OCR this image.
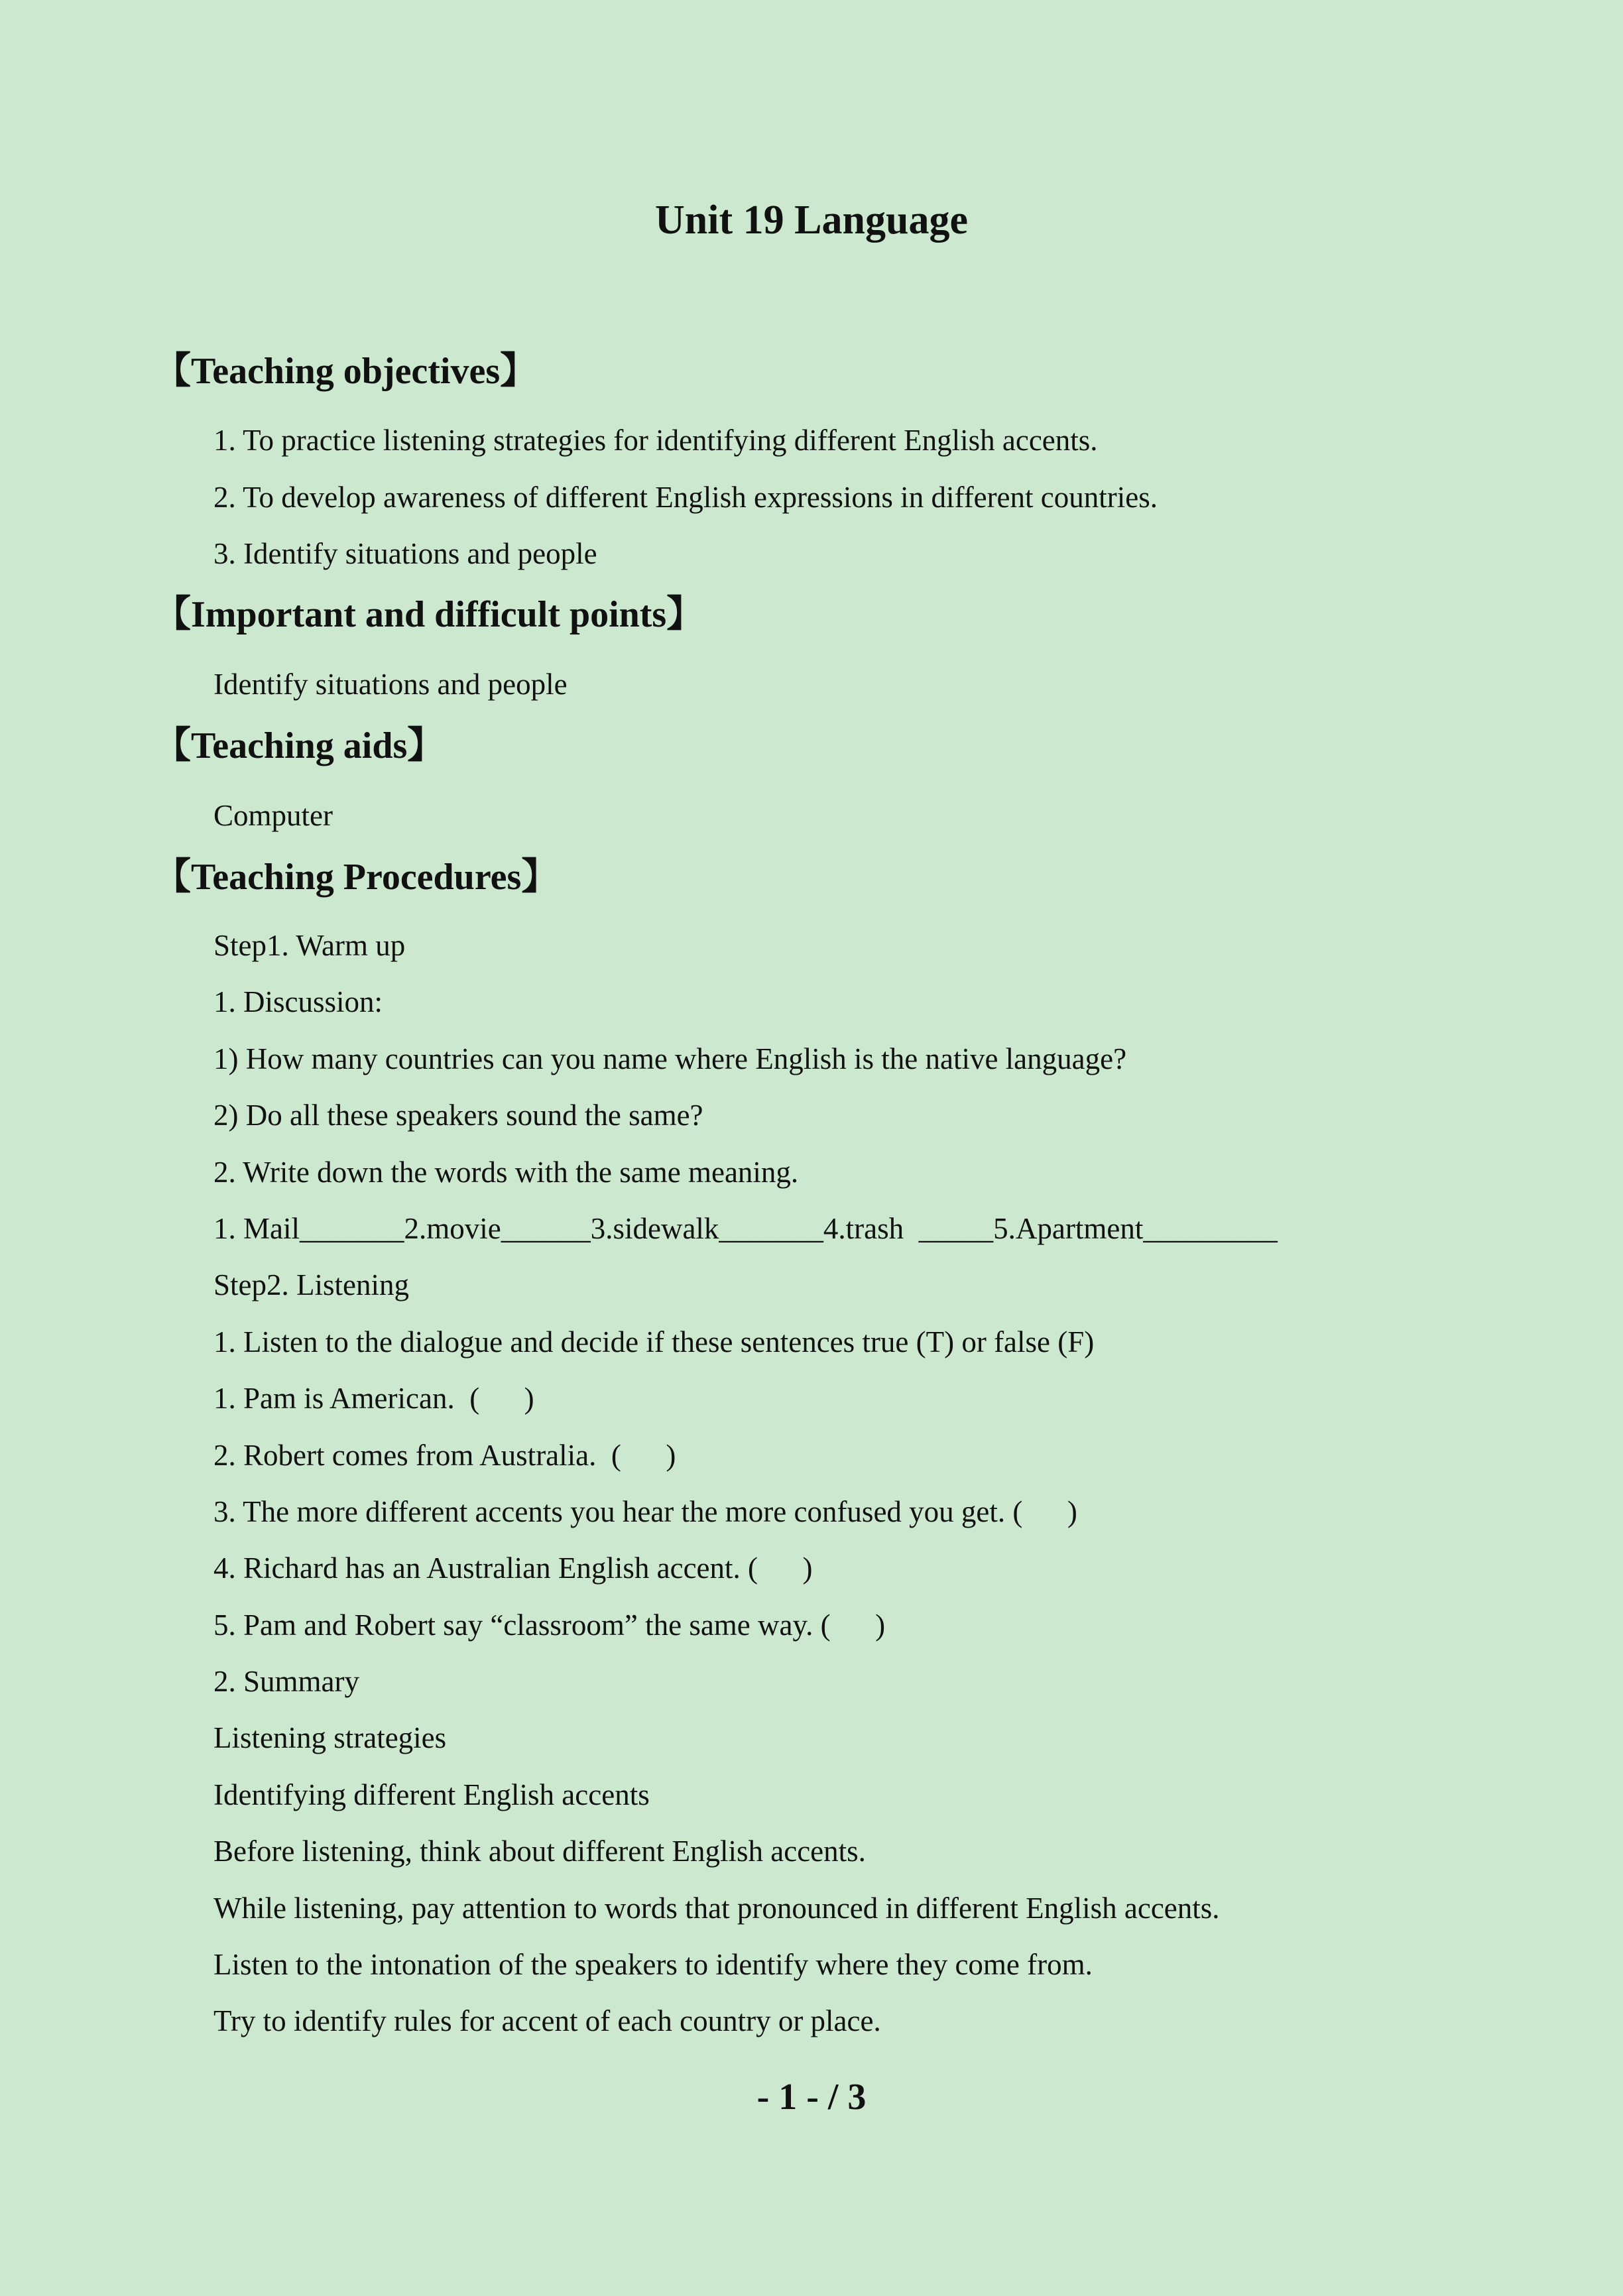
Unit 19 Language
【Teaching objectives】
1. To practice listening strategies for identifying different English accents.
2. To develop awareness of different English expressions in different countries.
3. Identify situations and people
【Important and difficult points】
Identify situations and people
【Teaching aids】
Computer
【Teaching Procedures】
Step1. Warm up
1. Discussion:
1) How many countries can you name where English is the native language?
2) Do all these speakers sound the same?
2. Write down the words with the same meaning.
1. Mail_______2.movie______3.sidewalk_______4.trash  _____5.Apartment_________
Step2. Listening
1. Listen to the dialogue and decide if these sentences true (T) or false (F)
1. Pam is American.  (      )
2. Robert comes from Australia.  (      )
3. The more different accents you hear the more confused you get. (      )
4. Richard has an Australian English accent. (      )
5. Pam and Robert say “classroom” the same way. (      )
2. Summary
Listening strategies
Identifying different English accents
Before listening, think about different English accents.
While listening, pay attention to words that pronounced in different English accents.
Listen to the intonation of the speakers to identify where they come from.
Try to identify rules for accent of each country or place.
- 1 - / 3
